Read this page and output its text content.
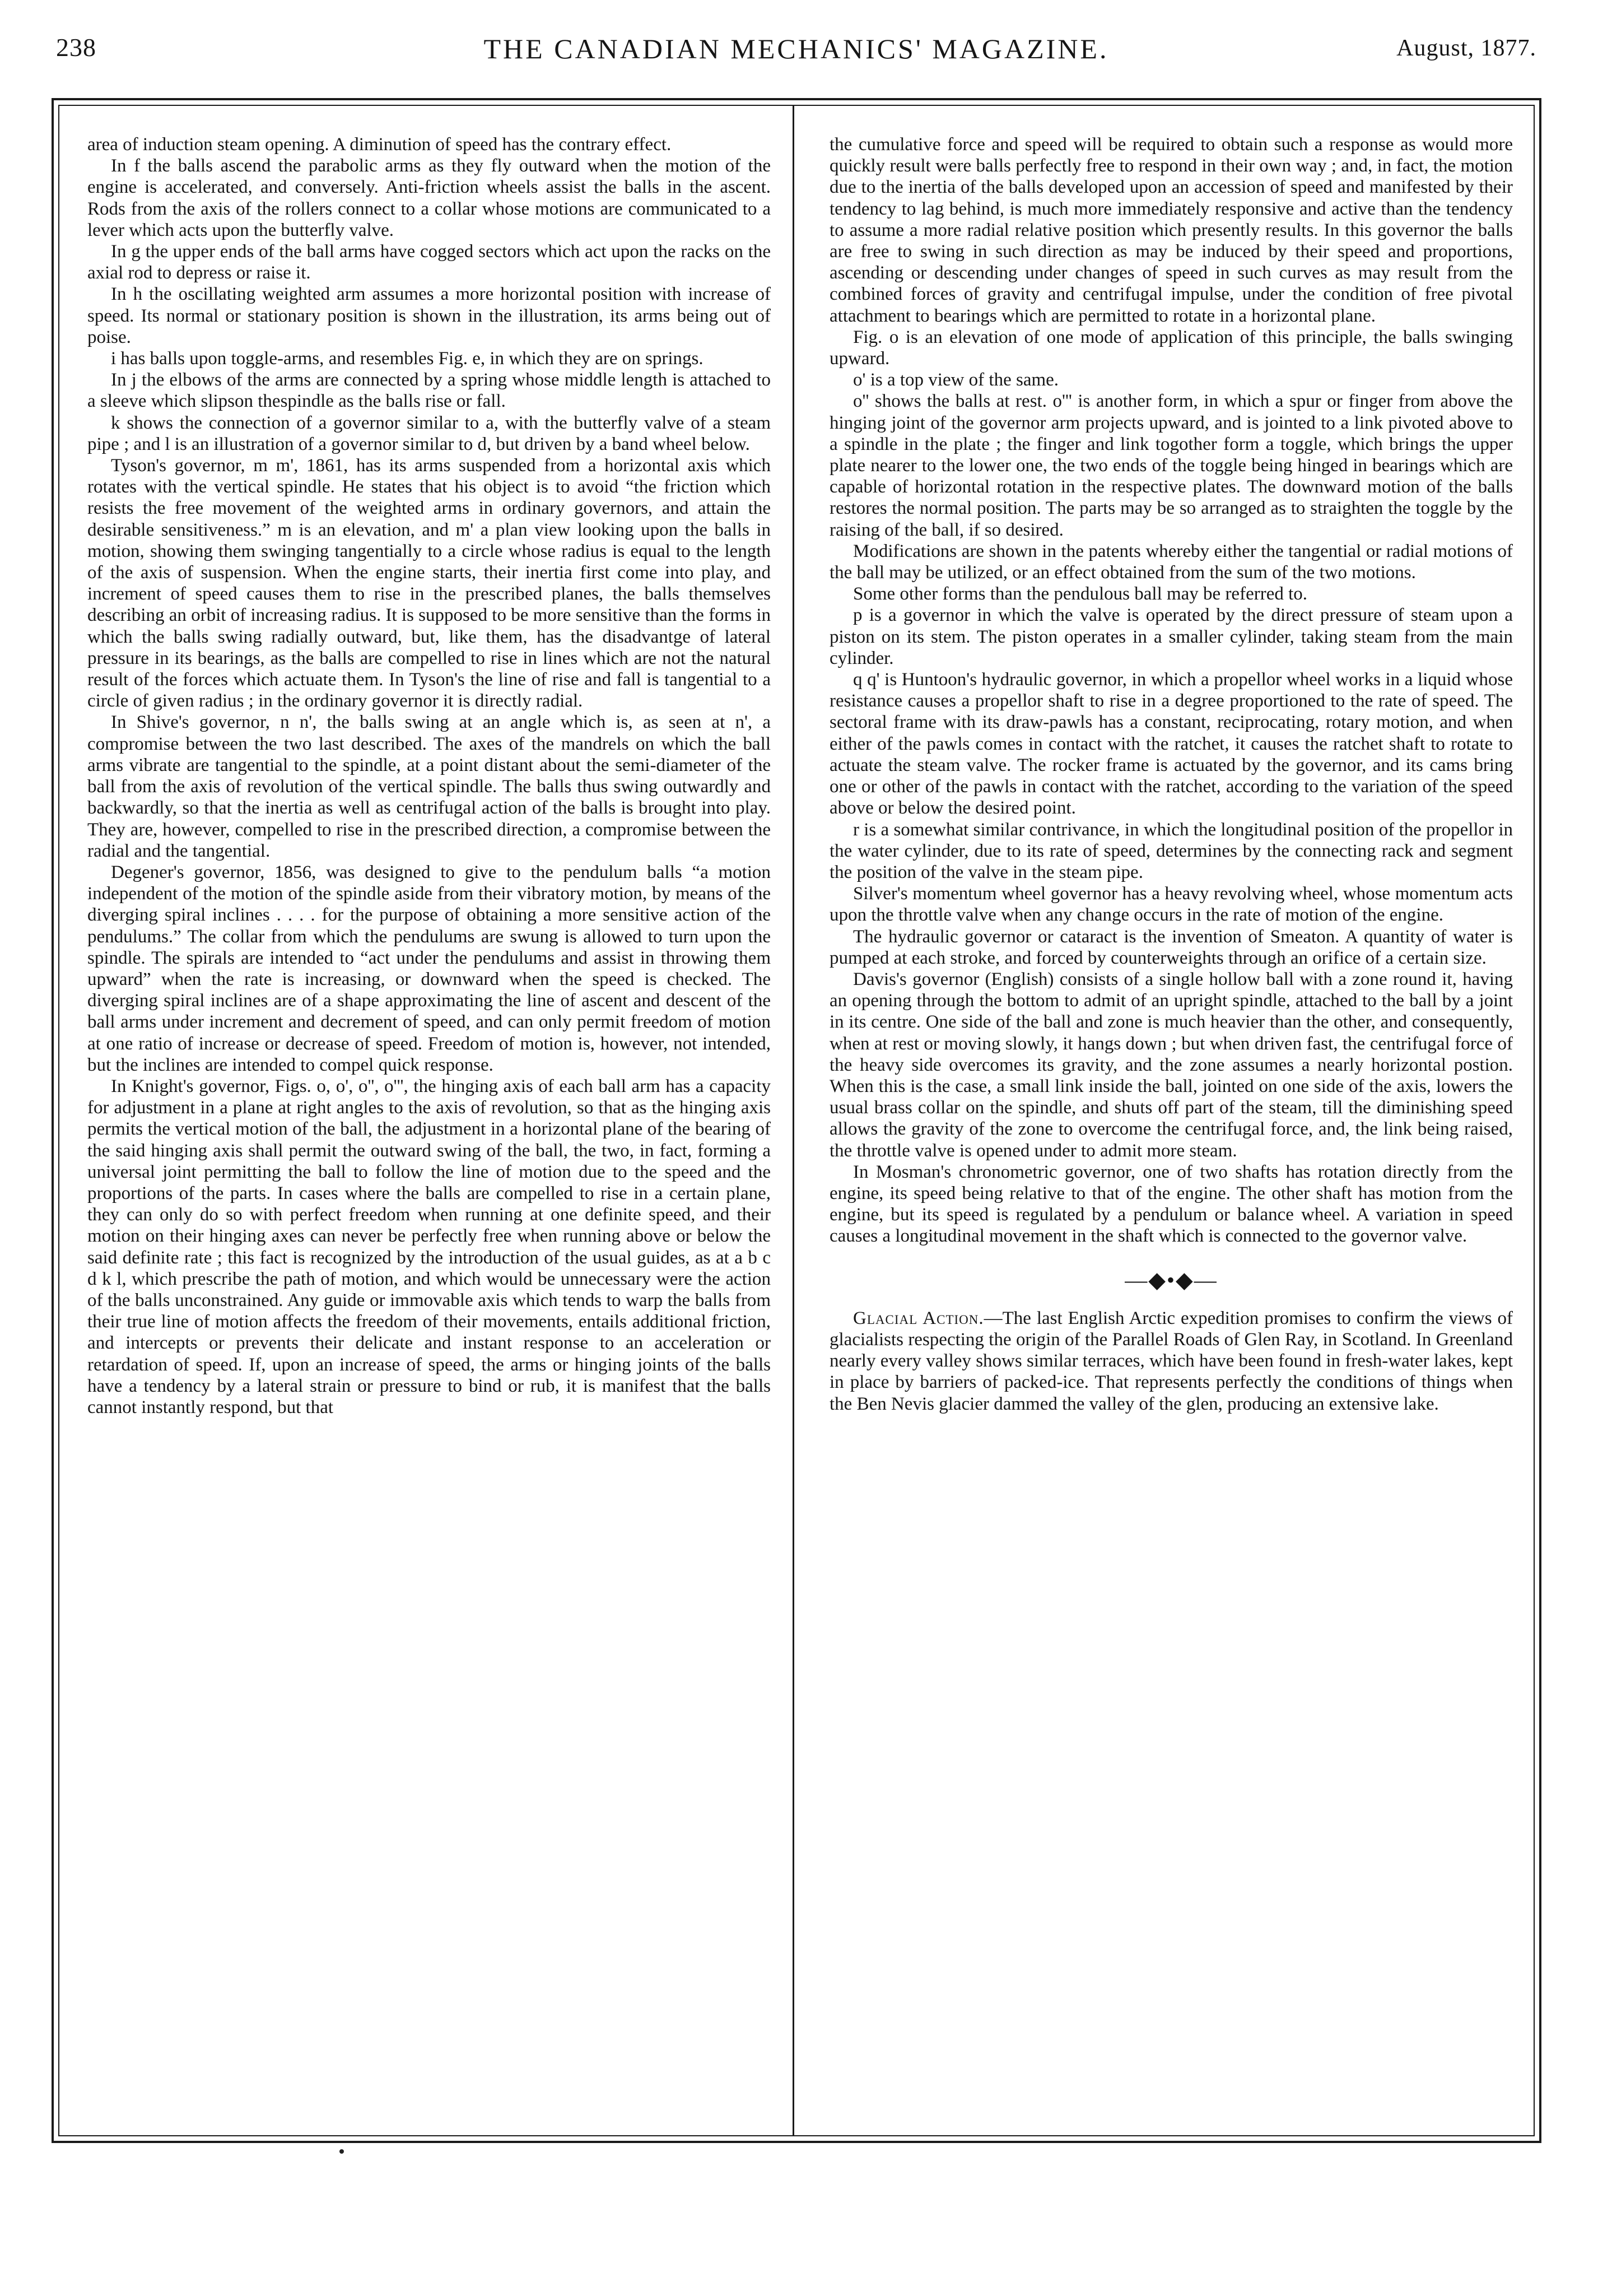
238	THE CANADIAN MECHANICS' MAGAZINE.	August, 1877.

area of induction steam opening. A diminution of speed has the contrary effect.

In f the balls ascend the parabolic arms as they fly outward when the motion of the engine is accelerated, and conversely. Anti-friction wheels assist the balls in the ascent. Rods from the axis of the rollers connect to a collar whose motions are communicated to a lever which acts upon the butterfly valve.

In g the upper ends of the ball arms have cogged sectors which act upon the racks on the axial rod to depress or raise it.

In h the oscillating weighted arm assumes a more horizontal position with increase of speed. Its normal or stationary position is shown in the illustration, its arms being out of poise.

i has balls upon toggle-arms, and resembles Fig. e, in which they are on springs.

In j the elbows of the arms are connected by a spring whose middle length is attached to a sleeve which slipson thespindle as the balls rise or fall.

k shows the connection of a governor similar to a, with the butterfly valve of a steam pipe ; and l is an illustration of a governor similar to d, but driven by a band wheel below.

Tyson's governor, m m', 1861, has its arms suspended from a horizontal axis which rotates with the vertical spindle. He states that his object is to avoid “the friction which resists the free movement of the weighted arms in ordinary governors, and attain the desirable sensitiveness.” m is an elevation, and m' a plan view looking upon the balls in motion, showing them swinging tangentially to a circle whose radius is equal to the length of the axis of suspension. When the engine starts, their inertia first come into play, and increment of speed causes them to rise in the prescribed planes, the balls themselves describing an orbit of increasing radius. It is supposed to be more sensitive than the forms in which the balls swing radially outward, but, like them, has the disadvantge of lateral pressure in its bearings, as the balls are compelled to rise in lines which are not the natural result of the forces which actuate them. In Tyson's the line of rise and fall is tangential to a circle of given radius ; in the ordinary governor it is directly radial.

In Shive's governor, n n', the balls swing at an angle which is, as seen at n', a compromise between the two last described. The axes of the mandrels on which the ball arms vibrate are tangential to the spindle, at a point distant about the semi-diameter of the ball from the axis of revolution of the vertical spindle. The balls thus swing outwardly and backwardly, so that the inertia as well as centrifugal action of the balls is brought into play. They are, however, compelled to rise in the prescribed direction, a compromise between the radial and the tangential.

Degener's governor, 1856, was designed to give to the pendulum balls “a motion independent of the motion of the spindle aside from their vibratory motion, by means of the diverging spiral inclines . . . . for the purpose of obtaining a more sensitive action of the pendulums.” The collar from which the pendulums are swung is allowed to turn upon the spindle. The spirals are intended to “act under the pendulums and assist in throwing them upward” when the rate is increasing, or downward when the speed is checked. The diverging spiral inclines are of a shape approximating the line of ascent and descent of the ball arms under increment and decrement of speed, and can only permit freedom of motion at one ratio of increase or decrease of speed. Freedom of motion is, however, not intended, but the inclines are intended to compel quick response.

In Knight's governor, Figs. o, o', o'', o''', the hinging axis of each ball arm has a capacity for adjustment in a plane at right angles to the axis of revolution, so that as the hinging axis permits the vertical motion of the ball, the adjustment in a horizontal plane of the bearing of the said hinging axis shall permit the outward swing of the ball, the two, in fact, forming a universal joint permitting the ball to follow the line of motion due to the speed and the proportions of the parts. In cases where the balls are compelled to rise in a certain plane, they can only do so with perfect freedom when running at one definite speed, and their motion on their hinging axes can never be perfectly free when running above or below the said definite rate ; this fact is recognized by the introduction of the usual guides, as at a b c d k l, which prescribe the path of motion, and which would be unnecessary were the action of the balls unconstrained. Any guide or immovable axis which tends to warp the balls from their true line of motion affects the freedom of their movements, entails additional friction, and intercepts or prevents their delicate and instant response to an acceleration or retardation of speed. If, upon an increase of speed, the arms or hinging joints of the balls have a tendency by a lateral strain or pressure to bind or rub, it is manifest that the balls cannot instantly respond, but that

the cumulative force and speed will be required to obtain such a response as would more quickly result were balls perfectly free to respond in their own way ; and, in fact, the motion due to the inertia of the balls developed upon an accession of speed and manifested by their tendency to lag behind, is much more immediately responsive and active than the tendency to assume a more radial relative position which presently results. In this governor the balls are free to swing in such direction as may be induced by their speed and proportions, ascending or descending under changes of speed in such curves as may result from the combined forces of gravity and centrifugal impulse, under the condition of free pivotal attachment to bearings which are permitted to rotate in a horizontal plane.

Fig. o is an elevation of one mode of application of this principle, the balls swinging upward.

o' is a top view of the same.

o'' shows the balls at rest. o''' is another form, in which a spur or finger from above the hinging joint of the governor arm projects upward, and is jointed to a link pivoted above to a spindle in the plate ; the finger and link togother form a toggle, which brings the upper plate nearer to the lower one, the two ends of the toggle being hinged in bearings which are capable of horizontal rotation in the respective plates. The downward motion of the balls restores the normal position. The parts may be so arranged as to straighten the toggle by the raising of the ball, if so desired.

Modifications are shown in the patents whereby either the tangential or radial motions of the ball may be utilized, or an effect obtained from the sum of the two motions.

Some other forms than the pendulous ball may be referred to.

p is a governor in which the valve is operated by the direct pressure of steam upon a piston on its stem. The piston operates in a smaller cylinder, taking steam from the main cylinder.

q q' is Huntoon's hydraulic governor, in which a propellor wheel works in a liquid whose resistance causes a propellor shaft to rise in a degree proportioned to the rate of speed. The sectoral frame with its draw-pawls has a constant, reciprocating, rotary motion, and when either of the pawls comes in contact with the ratchet, it causes the ratchet shaft to rotate to actuate the steam valve. The rocker frame is actuated by the governor, and its cams bring one or other of the pawls in contact with the ratchet, according to the variation of the speed above or below the desired point.

r is a somewhat similar contrivance, in which the longitudinal position of the propellor in the water cylinder, due to its rate of speed, determines by the connecting rack and segment the position of the valve in the steam pipe.

Silver's momentum wheel governor has a heavy revolving wheel, whose momentum acts upon the throttle valve when any change occurs in the rate of motion of the engine.

The hydraulic governor or cataract is the invention of Smeaton. A quantity of water is pumped at each stroke, and forced by counterweights through an orifice of a certain size.

Davis's governor (English) consists of a single hollow ball with a zone round it, having an opening through the bottom to admit of an upright spindle, attached to the ball by a joint in its centre. One side of the ball and zone is much heavier than the other, and consequently, when at rest or moving slowly, it hangs down ; but when driven fast, the centrifugal force of the heavy side overcomes its gravity, and the zone assumes a nearly horizontal postion. When this is the case, a small link inside the ball, jointed on one side of the axis, lowers the usual brass collar on the spindle, and shuts off part of the steam, till the diminishing speed allows the gravity of the zone to overcome the centrifugal force, and, the link being raised, the throttle valve is opened under to admit more steam.

In Mosman's chronometric governor, one of two shafts has rotation directly from the engine, its speed being relative to that of the engine. The other shaft has motion from the engine, but its speed is regulated by a pendulum or balance wheel. A variation in speed causes a longitudinal movement in the shaft which is connected to the governor valve.

—◆•◆—

Glacial Action.—The last English Arctic expedition promises to confirm the views of glacialists respecting the origin of the Parallel Roads of Glen Ray, in Scotland. In Greenland nearly every valley shows similar terraces, which have been found in fresh-water lakes, kept in place by barriers of packed-ice. That represents perfectly the conditions of things when the Ben Nevis glacier dammed the valley of the glen, producing an extensive lake.
